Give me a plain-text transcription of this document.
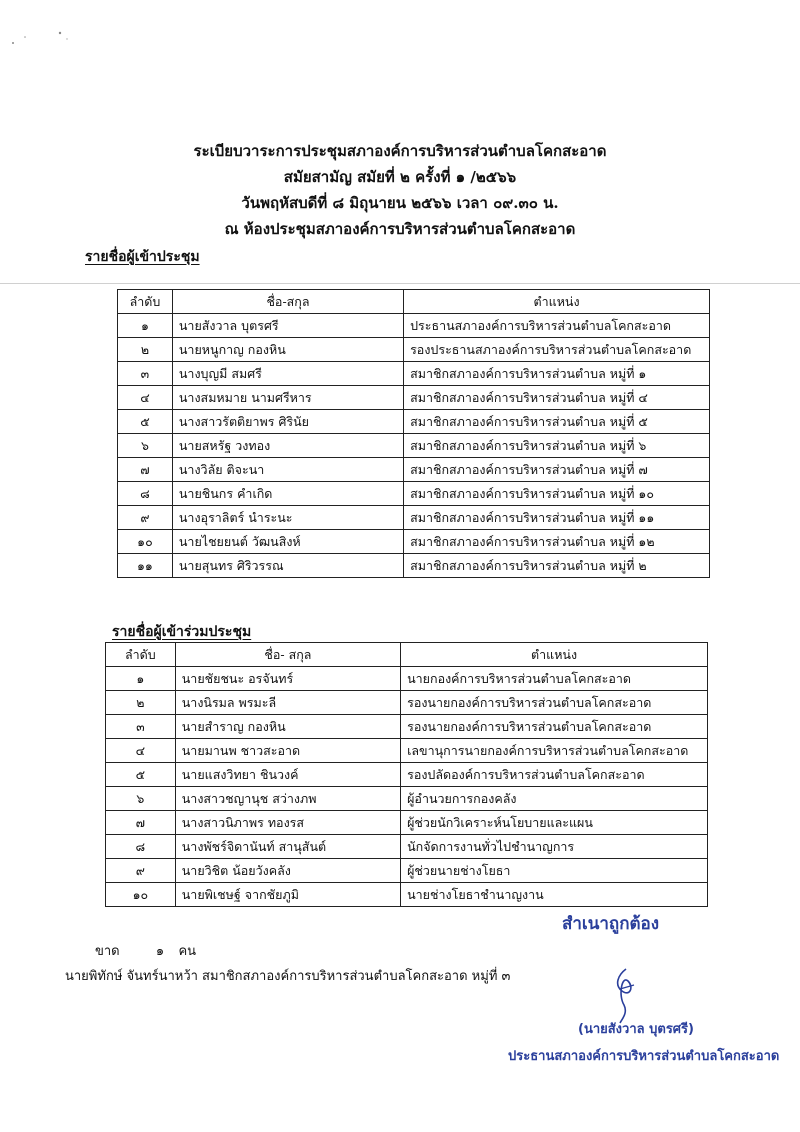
ระเบียบวาระการประชุมสภาองค์การบริหารส่วนตำบลโคกสะอาด
สมัยสามัญ สมัยที่ ๒ ครั้งที่ ๑ /๒๕๖๖
วันพฤหัสบดีที่ ๘ มิถุนายน ๒๕๖๖ เวลา ๐๙.๓๐ น.
ณ ห้องประชุมสภาองค์การบริหารส่วนตำบลโคกสะอาด
รายชื่อผู้เข้าประชุม
ลำดับ	ชื่อ-สกุล	ตำแหน่ง
๑	นายสังวาล บุตรศรี	ประธานสภาองค์การบริหารส่วนตำบลโคกสะอาด
๒	นายหนูกาญ กองหิน	รองประธานสภาองค์การบริหารส่วนตำบลโคกสะอาด
๓	นางบุญมี สมศรี	สมาชิกสภาองค์การบริหารส่วนตำบล หมู่ที่ ๑
๔	นางสมหมาย นามศรีหาร	สมาชิกสภาองค์การบริหารส่วนตำบล หมู่ที่ ๔
๕	นางสาวรัตติยาพร ศิรินัย	สมาชิกสภาองค์การบริหารส่วนตำบล หมู่ที่ ๕
๖	นายสหรัฐ วงทอง	สมาชิกสภาองค์การบริหารส่วนตำบล หมู่ที่ ๖
๗	นางวิลัย ติจะนา	สมาชิกสภาองค์การบริหารส่วนตำบล หมู่ที่ ๗
๘	นายชินกร คำเกิด	สมาชิกสภาองค์การบริหารส่วนตำบล หมู่ที่ ๑๐
๙	นางอุราลิตร์ นำระนะ	สมาชิกสภาองค์การบริหารส่วนตำบล หมู่ที่ ๑๑
๑๐	นายไชยยนต์ วัฒนสิงห์	สมาชิกสภาองค์การบริหารส่วนตำบล หมู่ที่ ๑๒
๑๑	นายสุนทร ศิริวรรณ	สมาชิกสภาองค์การบริหารส่วนตำบล หมู่ที่ ๒
รายชื่อผู้เข้าร่วมประชุม
ลำดับ	ชื่อ- สกุล	ตำแหน่ง
๑	นายชัยชนะ อรจันทร์	นายกองค์การบริหารส่วนตำบลโคกสะอาด
๒	นางนิรมล พรมะลี	รองนายกองค์การบริหารส่วนตำบลโคกสะอาด
๓	นายสำราญ กองหิน	รองนายกองค์การบริหารส่วนตำบลโคกสะอาด
๔	นายมานพ ชาวสะอาด	เลขานุการนายกองค์การบริหารส่วนตำบลโคกสะอาด
๕	นายแสงวิทยา ชินวงค์	รองปลัดองค์การบริหารส่วนตำบลโคกสะอาด
๖	นางสาวชญานุช สว่างภพ	ผู้อำนวยการกองคลัง
๗	นางสาวนิภาพร ทองรส	ผู้ช่วยนักวิเคราะห์นโยบายและแผน
๘	นางพัชร์จิดานันท์ สานุสันต์	นักจัดการงานทั่วไปชำนาญการ
๙	นายวิชิต น้อยวังคลัง	ผู้ช่วยนายช่างโยธา
๑๐	นายพิเชษฐ์ จากชัยภูมิ	นายช่างโยธาชำนาญงาน
สำเนาถูกต้อง
ขาด	๑ คน
นายพิทักษ์ จันทร์นาหว้า สมาชิกสภาองค์การบริหารส่วนตำบลโคกสะอาด หมู่ที่ ๓
(นายสังวาล บุตรศรี)
ประธานสภาองค์การบริหารส่วนตำบลโคกสะอาด
